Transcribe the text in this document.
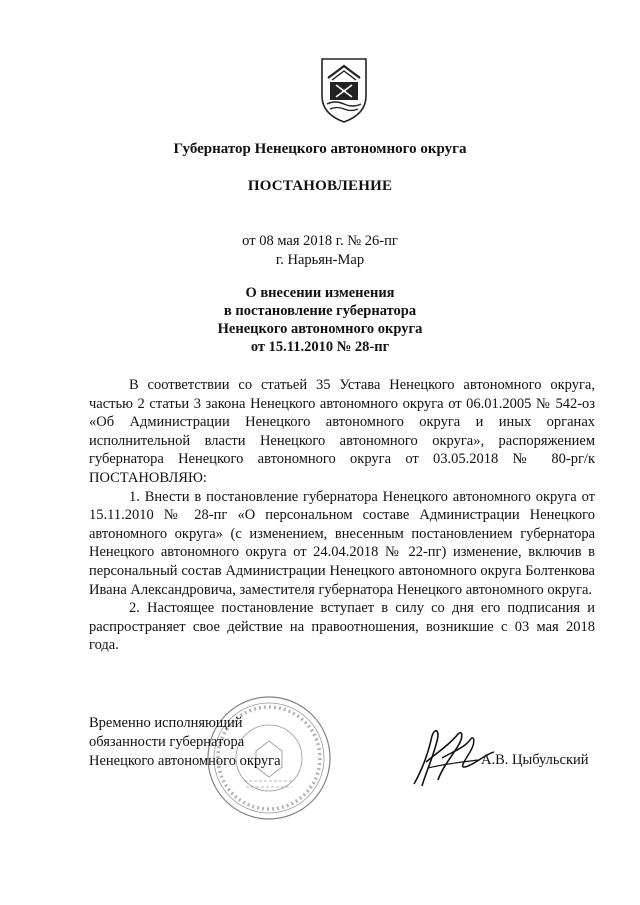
Губернатор Ненецкого автономного округа
ПОСТАНОВЛЕНИЕ
от 08 мая 2018 г. № 26-пг
г. Нарьян-Мар
О внесении изменения
в постановление губернатора
Ненецкого автономного округа
от 15.11.2010 № 28-пг

В соответствии со статьей 35 Устава Ненецкого автономного округа, частью 2 статьи 3 закона Ненецкого автономного округа от 06.01.2005 № 542-оз «Об Администрации Ненецкого автономного округа и иных органах исполнительной власти Ненецкого автономного округа», распоряжением губернатора Ненецкого автономного округа от 03.05.2018 № 80-рг/к ПОСТАНОВЛЯЮ:

1. Внести в постановление губернатора Ненецкого автономного округа от 15.11.2010 № 28-пг «О персональном составе Администрации Ненецкого автономного округа» (с изменением, внесенным постановлением губернатора Ненецкого автономного округа от 24.04.2018 № 22-пг) изменение, включив в персональный состав Администрации Ненецкого автономного округа Болтенкова Ивана Александровича, заместителя губернатора Ненецкого автономного округа.

2. Настоящее постановление вступает в силу со дня его подписания и распространяет свое действие на правоотношения, возникшие с 03 мая 2018 года.

Временно исполняющий
обязанности губернатора
Ненецкого автономного округа	А.В. Цыбульский
